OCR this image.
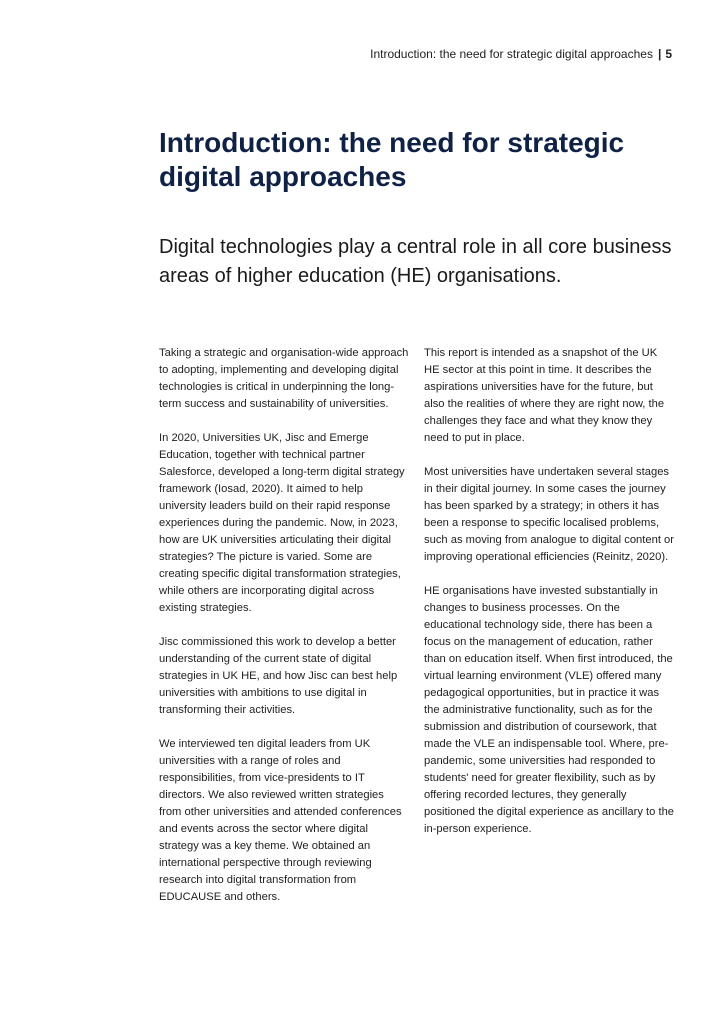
Introduction: the need for strategic digital approaches | 5
Introduction: the need for strategic digital approaches
Digital technologies play a central role in all core business areas of higher education (HE) organisations.

Taking a strategic and organisation-wide approach to adopting, implementing and developing digital technologies is critical in underpinning the long-term success and sustainability of universities.

In 2020, Universities UK, Jisc and Emerge Education, together with technical partner Salesforce, developed a long-term digital strategy framework (Iosad, 2020). It aimed to help university leaders build on their rapid response experiences during the pandemic. Now, in 2023, how are UK universities articulating their digital strategies? The picture is varied. Some are creating specific digital transformation strategies, while others are incorporating digital across existing strategies.

Jisc commissioned this work to develop a better understanding of the current state of digital strategies in UK HE, and how Jisc can best help universities with ambitions to use digital in transforming their activities.

We interviewed ten digital leaders from UK universities with a range of roles and responsibilities, from vice-presidents to IT directors. We also reviewed written strategies from other universities and attended conferences and events across the sector where digital strategy was a key theme. We obtained an international perspective through reviewing research into digital transformation from EDUCAUSE and others.

This report is intended as a snapshot of the UK HE sector at this point in time. It describes the aspirations universities have for the future, but also the realities of where they are right now, the challenges they face and what they know they need to put in place.

Most universities have undertaken several stages in their digital journey. In some cases the journey has been sparked by a strategy; in others it has been a response to specific localised problems, such as moving from analogue to digital content or improving operational efficiencies (Reinitz, 2020).

HE organisations have invested substantially in changes to business processes. On the educational technology side, there has been a focus on the management of education, rather than on education itself. When first introduced, the virtual learning environment (VLE) offered many pedagogical opportunities, but in practice it was the administrative functionality, such as for the submission and distribution of coursework, that made the VLE an indispensable tool. Where, pre-pandemic, some universities had responded to students' need for greater flexibility, such as by offering recorded lectures, they generally positioned the digital experience as ancillary to the in-person experience.
